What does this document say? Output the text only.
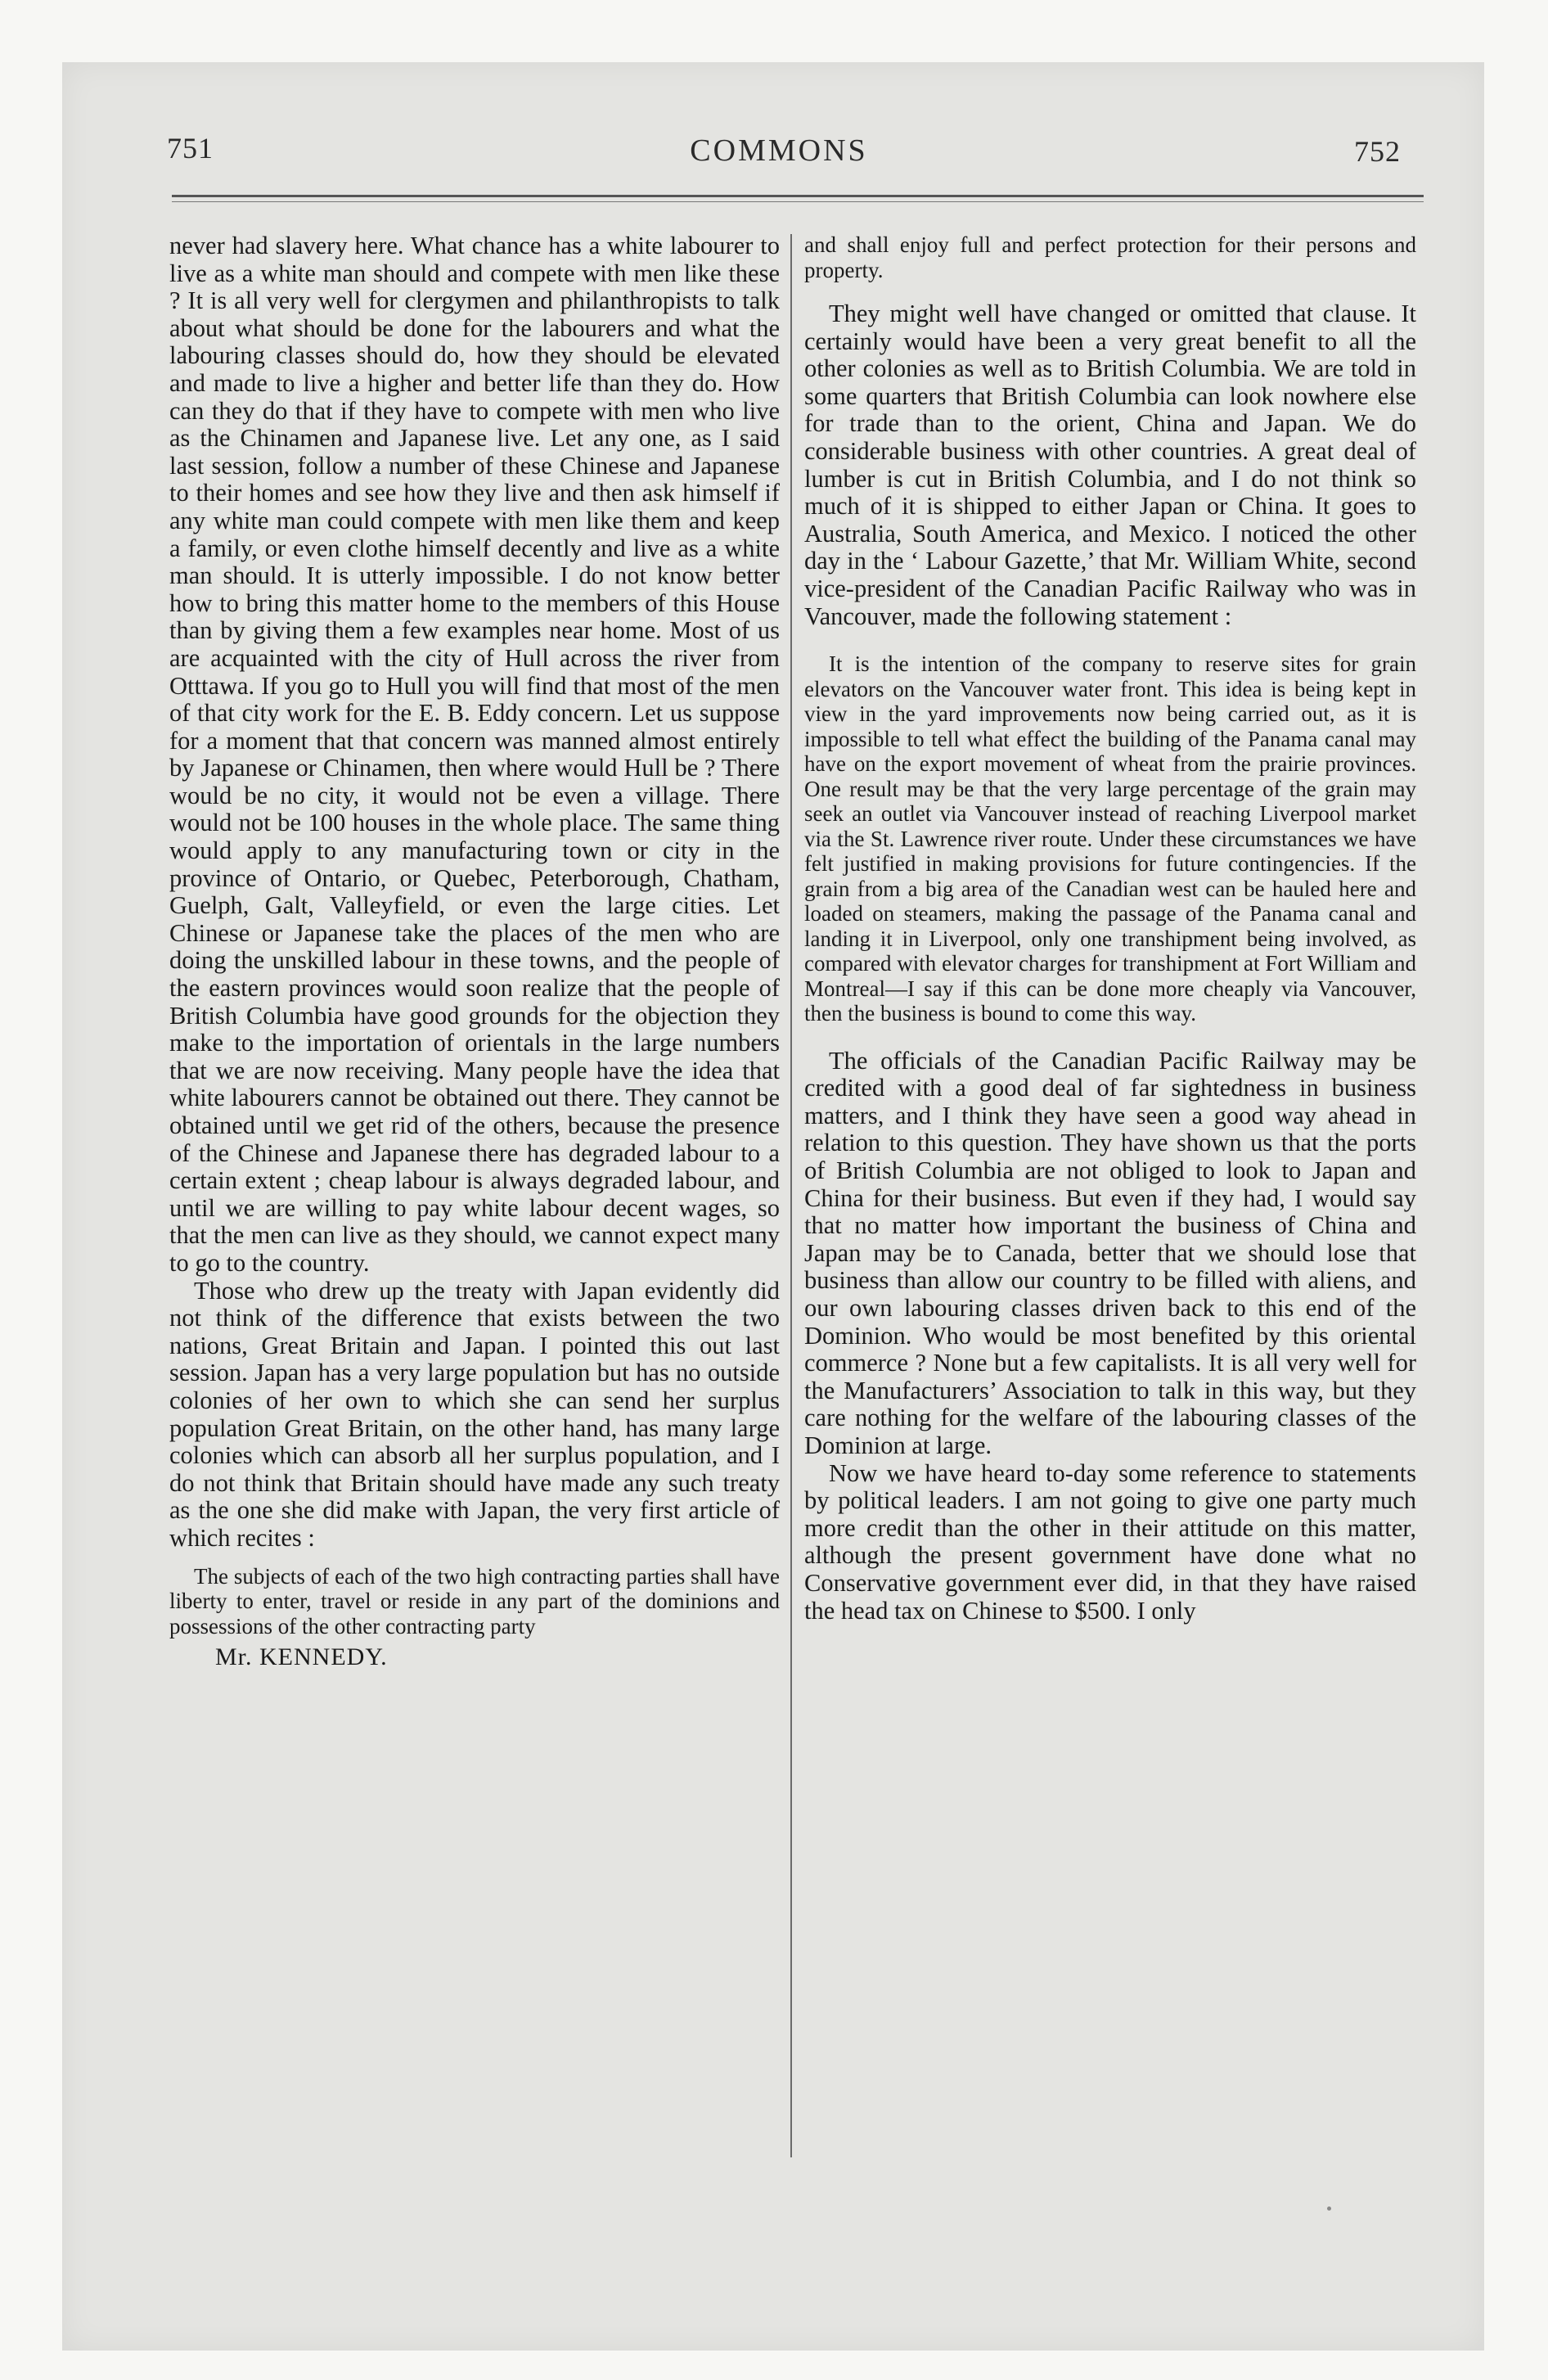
751	COMMONS	752

never had slavery here. What chance has a white labourer to live as a white man should and compete with men like these ? It is all very well for clergymen and philanthropists to talk about what should be done for the labourers and what the labouring classes should do, how they should be elevated and made to live a higher and better life than they do. How can they do that if they have to compete with men who live as the Chinamen and Japanese live. Let any one, as I said last session, follow a number of these Chinese and Japanese to their homes and see how they live and then ask himself if any white man could compete with men like them and keep a family, or even clothe himself decently and live as a white man should. It is utterly impossible. I do not know better how to bring this matter home to the members of this House than by giving them a few examples near home. Most of us are acquainted with the city of Hull across the river from Otttawa. If you go to Hull you will find that most of the men of that city work for the E. B. Eddy concern. Let us suppose for a moment that that concern was manned almost entirely by Japanese or Chinamen, then where would Hull be ? There would be no city, it would not be even a village. There would not be 100 houses in the whole place. The same thing would apply to any manufacturing town or city in the province of Ontario, or Quebec, Peterborough, Chatham, Guelph, Galt, Valleyfield, or even the large cities. Let Chinese or Japanese take the places of the men who are doing the unskilled labour in these towns, and the people of the eastern provinces would soon realize that the people of British Columbia have good grounds for the objection they make to the importation of orientals in the large numbers that we are now receiving. Many people have the idea that white labourers cannot be obtained out there. They cannot be obtained until we get rid of the others, because the presence of the Chinese and Japanese there has degraded labour to a certain extent ; cheap labour is always degraded labour, and until we are willing to pay white labour decent wages, so that the men can live as they should, we cannot expect many to go to the country.

Those who drew up the treaty with Japan evidently did not think of the difference that exists between the two nations, Great Britain and Japan. I pointed this out last session. Japan has a very large population but has no outside colonies of her own to which she can send her surplus population Great Britain, on the other hand, has many large colonies which can absorb all her surplus population, and I do not think that Britain should have made any such treaty as the one she did make with Japan, the very first article of which recites :

The subjects of each of the two high contracting parties shall have liberty to enter, travel or reside in any part of the dominions and possessions of the other contracting party

Mr. KENNEDY.

and shall enjoy full and perfect protection for their persons and property.

They might well have changed or omitted that clause. It certainly would have been a very great benefit to all the other colonies as well as to British Columbia. We are told in some quarters that British Columbia can look nowhere else for trade than to the orient, China and Japan. We do considerable business with other countries. A great deal of lumber is cut in British Columbia, and I do not think so much of it is shipped to either Japan or China. It goes to Australia, South America, and Mexico. I noticed the other day in the ‘ Labour Gazette,’ that Mr. William White, second vice-president of the Canadian Pacific Railway who was in Vancouver, made the following statement :

It is the intention of the company to reserve sites for grain elevators on the Vancouver water front. This idea is being kept in view in the yard improvements now being carried out, as it is impossible to tell what effect the building of the Panama canal may have on the export movement of wheat from the prairie provinces. One result may be that the very large percentage of the grain may seek an outlet via Vancouver instead of reaching Liverpool market via the St. Lawrence river route. Under these circumstances we have felt justified in making provisions for future contingencies. If the grain from a big area of the Canadian west can be hauled here and loaded on steamers, making the passage of the Panama canal and landing it in Liverpool, only one transhipment being involved, as compared with elevator charges for transhipment at Fort William and Montreal—I say if this can be done more cheaply via Vancouver, then the business is bound to come this way.

The officials of the Canadian Pacific Railway may be credited with a good deal of far sightedness in business matters, and I think they have seen a good way ahead in relation to this question. They have shown us that the ports of British Columbia are not obliged to look to Japan and China for their business. But even if they had, I would say that no matter how important the business of China and Japan may be to Canada, better that we should lose that business than allow our country to be filled with aliens, and our own labouring classes driven back to this end of the Dominion. Who would be most benefited by this oriental commerce ? None but a few capitalists. It is all very well for the Manufacturers’ Association to talk in this way, but they care nothing for the welfare of the labouring classes of the Dominion at large.

Now we have heard to-day some reference to statements by political leaders. I am not going to give one party much more credit than the other in their attitude on this matter, although the present government have done what no Conservative government ever did, in that they have raised the head tax on Chinese to $500. I only
